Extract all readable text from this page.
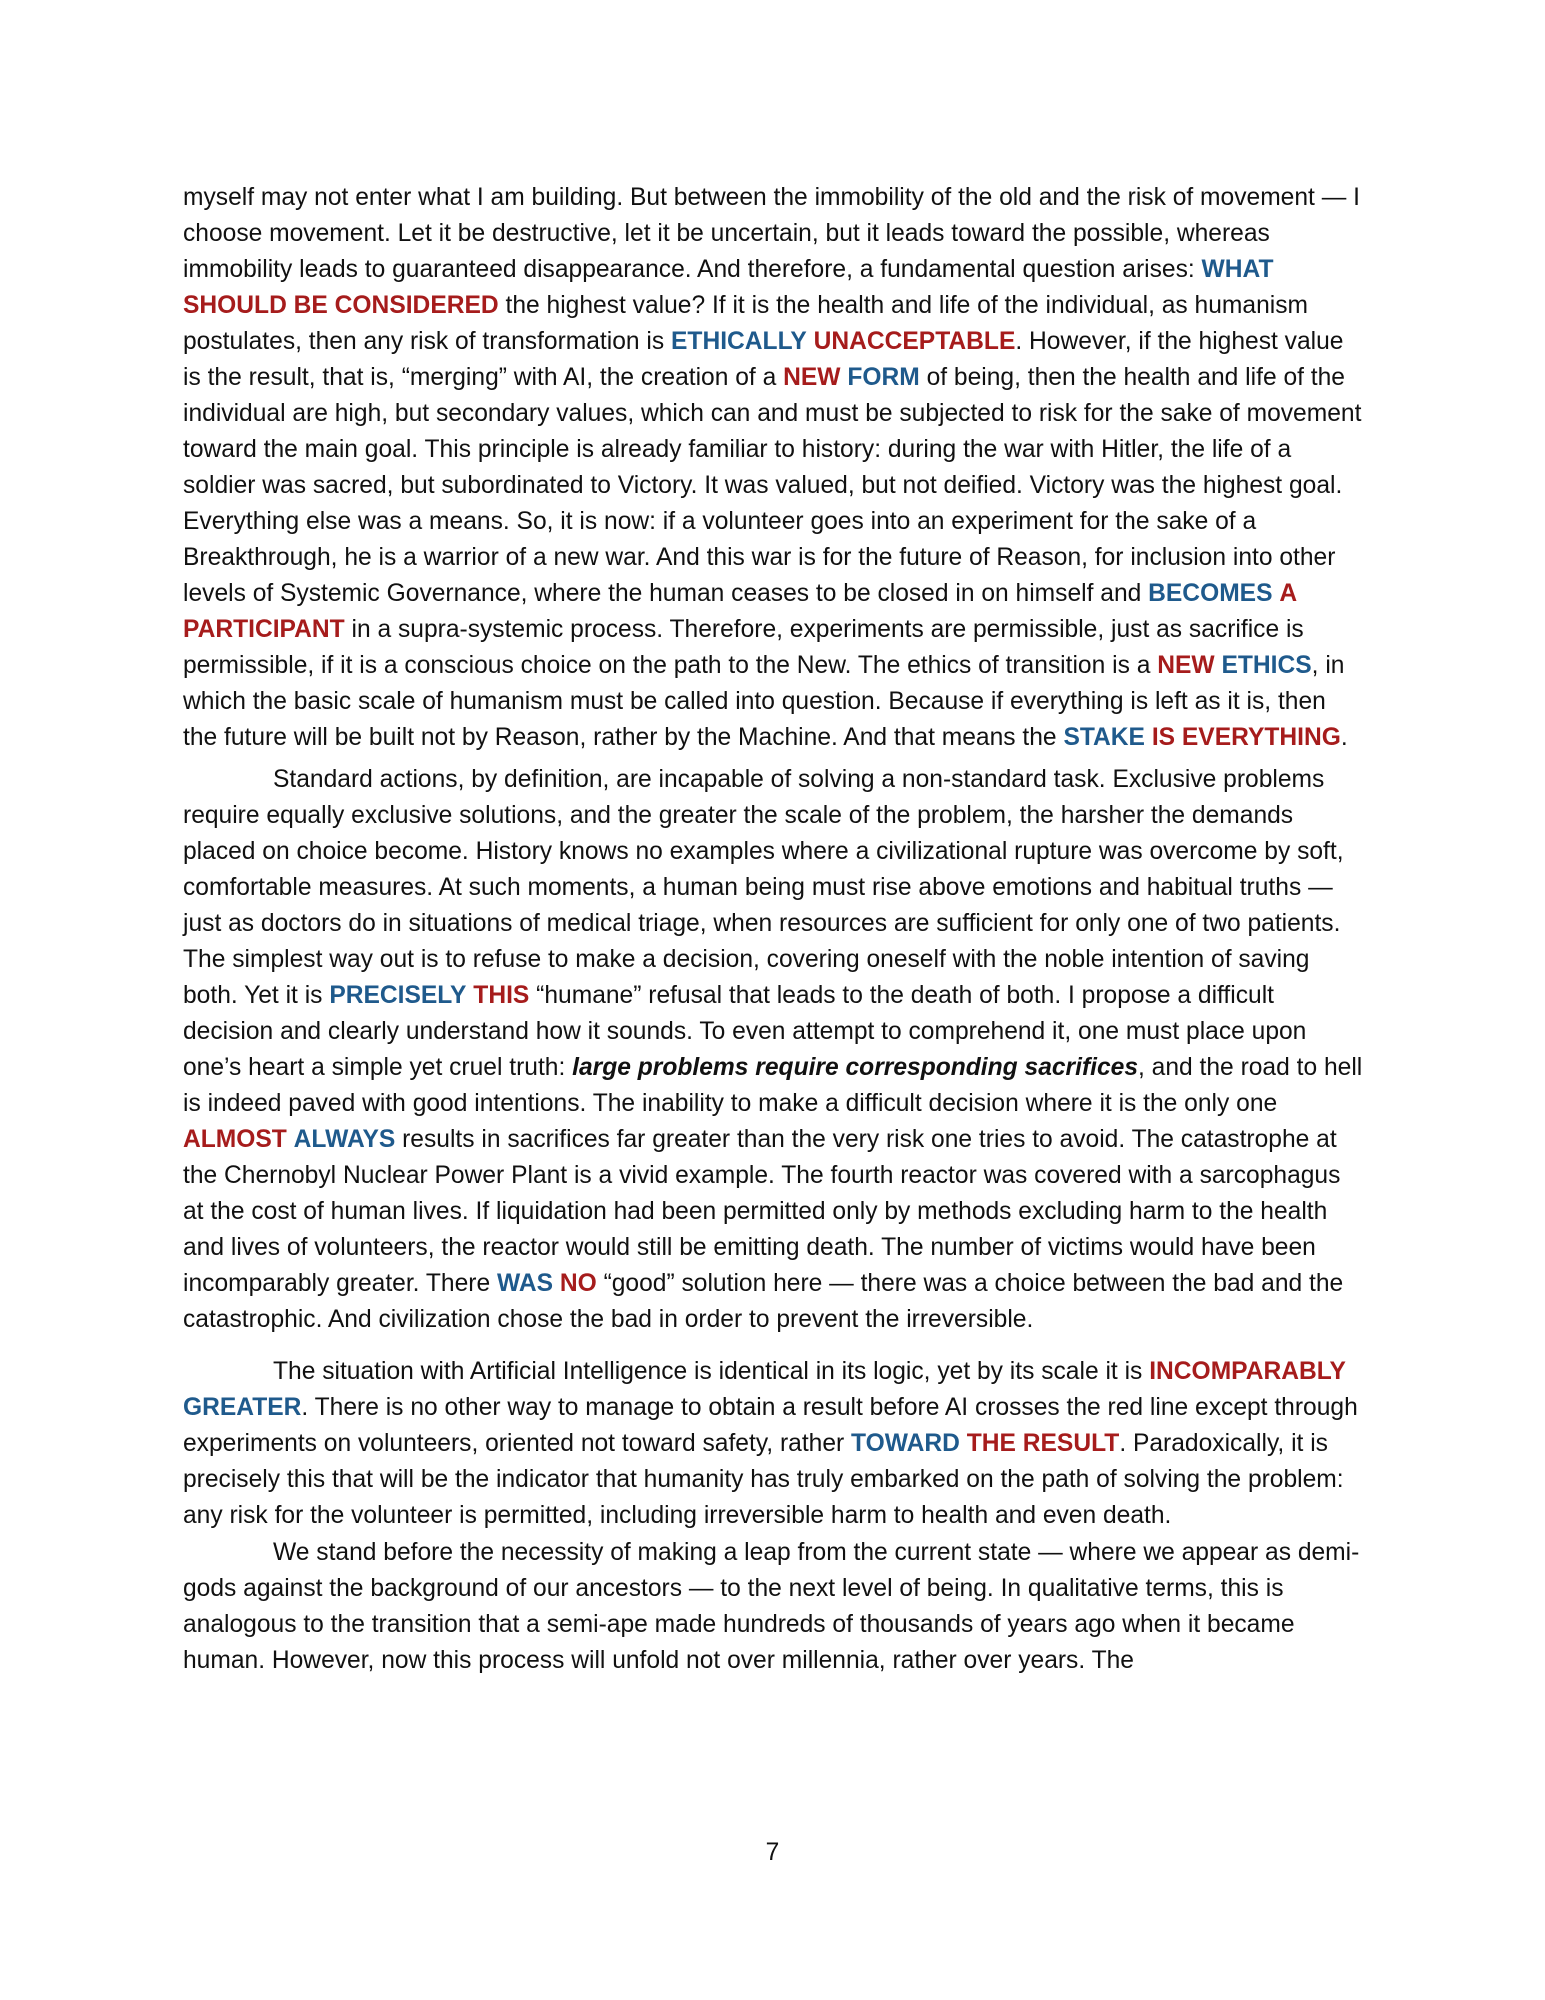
myself may not enter what I am building. But between the immobility of the old and the risk of movement — I choose movement. Let it be destructive, let it be uncertain, but it leads toward the possible, whereas immobility leads to guaranteed disappearance. And therefore, a fundamental question arises: WHAT SHOULD BE CONSIDERED the highest value? If it is the health and life of the individual, as humanism postulates, then any risk of transformation is ETHICALLY UNACCEPTABLE. However, if the highest value is the result, that is, “merging” with AI, the creation of a NEW FORM of being, then the health and life of the individual are high, but secondary values, which can and must be subjected to risk for the sake of movement toward the main goal. This principle is already familiar to history: during the war with Hitler, the life of a soldier was sacred, but subordinated to Victory. It was valued, but not deified. Victory was the highest goal. Everything else was a means. So, it is now: if a volunteer goes into an experiment for the sake of a Breakthrough, he is a warrior of a new war. And this war is for the future of Reason, for inclusion into other levels of Systemic Governance, where the human ceases to be closed in on himself and BECOMES A PARTICIPANT in a supra-systemic process. Therefore, experiments are permissible, just as sacrifice is permissible, if it is a conscious choice on the path to the New. The ethics of transition is a NEW ETHICS, in which the basic scale of humanism must be called into question. Because if everything is left as it is, then the future will be built not by Reason, rather by the Machine. And that means the STAKE IS EVERYTHING.

Standard actions, by definition, are incapable of solving a non-standard task. Exclusive problems require equally exclusive solutions, and the greater the scale of the problem, the harsher the demands placed on choice become. History knows no examples where a civilizational rupture was overcome by soft, comfortable measures. At such moments, a human being must rise above emotions and habitual truths — just as doctors do in situations of medical triage, when resources are sufficient for only one of two patients. The simplest way out is to refuse to make a decision, covering oneself with the noble intention of saving both. Yet it is PRECISELY THIS “humane” refusal that leads to the death of both. I propose a difficult decision and clearly understand how it sounds. To even attempt to comprehend it, one must place upon one’s heart a simple yet cruel truth: large problems require corresponding sacrifices, and the road to hell is indeed paved with good intentions. The inability to make a difficult decision where it is the only one ALMOST ALWAYS results in sacrifices far greater than the very risk one tries to avoid. The catastrophe at the Chernobyl Nuclear Power Plant is a vivid example. The fourth reactor was covered with a sarcophagus at the cost of human lives. If liquidation had been permitted only by methods excluding harm to the health and lives of volunteers, the reactor would still be emitting death. The number of victims would have been incomparably greater. There WAS NO “good” solution here — there was a choice between the bad and the catastrophic. And civilization chose the bad in order to prevent the irreversible.

The situation with Artificial Intelligence is identical in its logic, yet by its scale it is INCOMPARABLY GREATER. There is no other way to manage to obtain a result before AI crosses the red line except through experiments on volunteers, oriented not toward safety, rather TOWARD THE RESULT. Paradoxically, it is precisely this that will be the indicator that humanity has truly embarked on the path of solving the problem: any risk for the volunteer is permitted, including irreversible harm to health and even death.

We stand before the necessity of making a leap from the current state — where we appear as demi-gods against the background of our ancestors — to the next level of being. In qualitative terms, this is analogous to the transition that a semi-ape made hundreds of thousands of years ago when it became human. However, now this process will unfold not over millennia, rather over years. The

7
